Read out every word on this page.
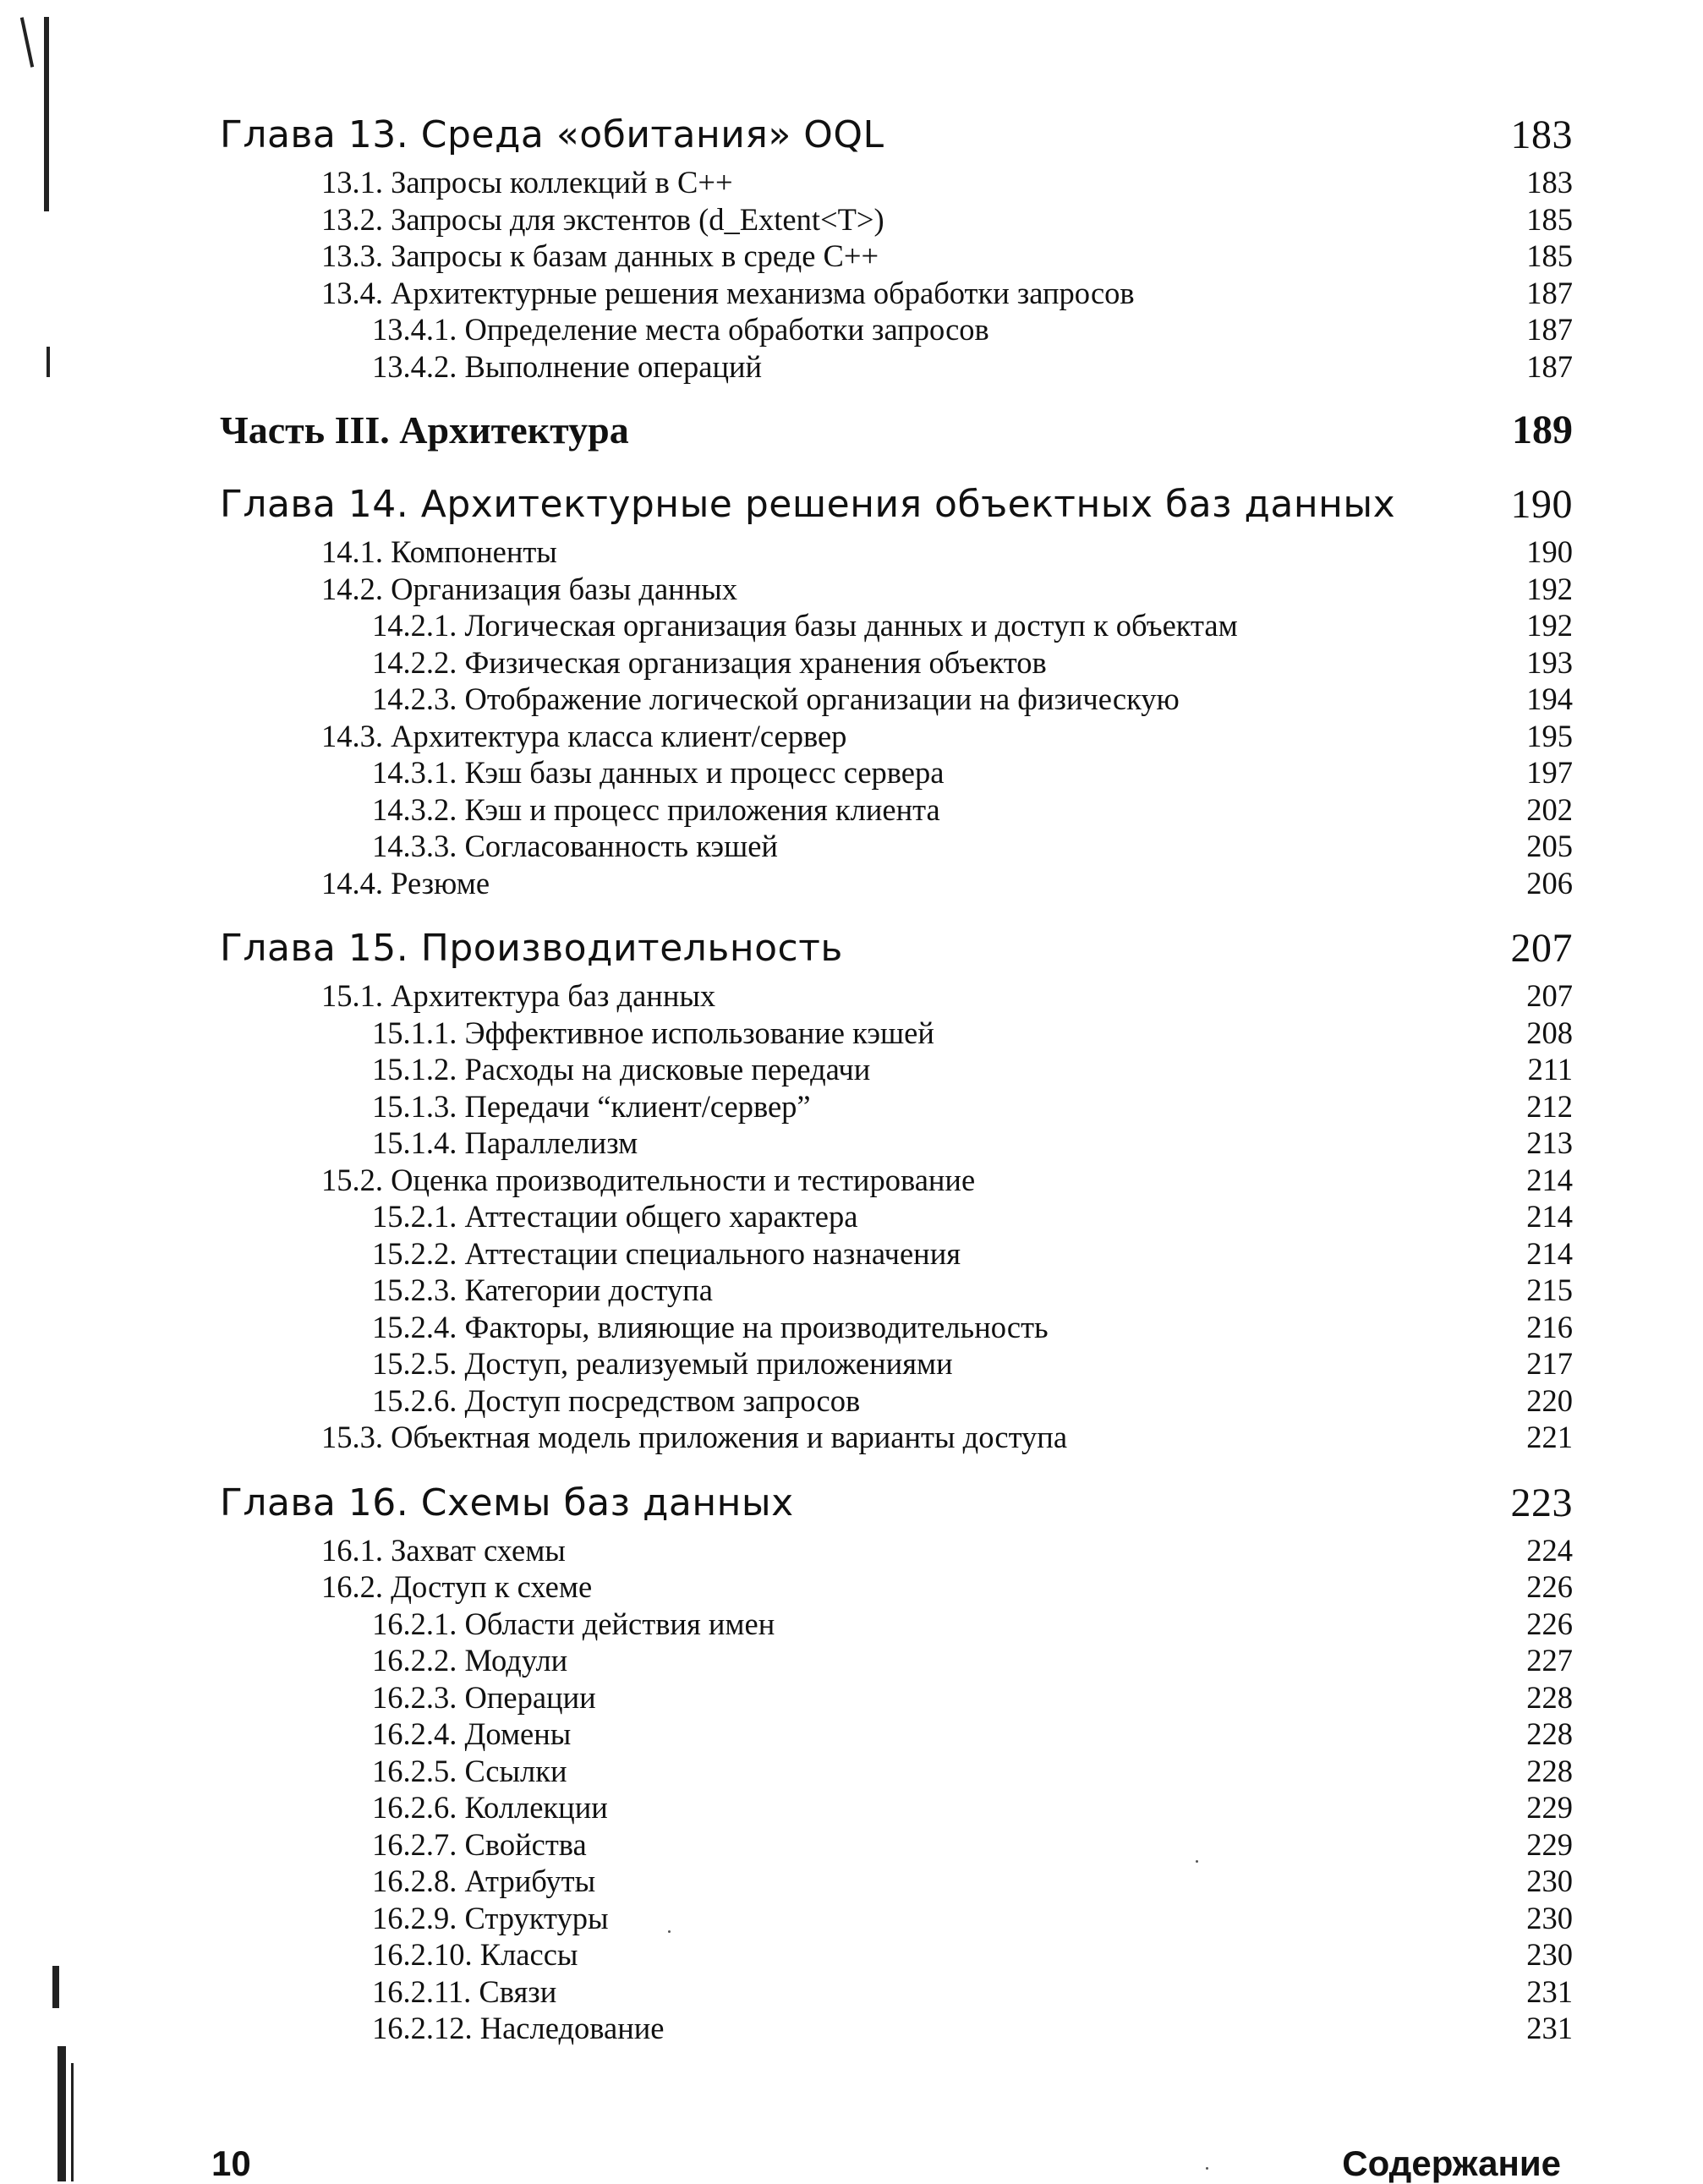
Глава 13. Среда «обитания» OQL	183
13.1. Запросы коллекций в С++	183
13.2. Запросы для экстентов (d_Extent<T>)	185
13.3. Запросы к базам данных в среде С++	185
13.4. Архитектурные решения механизма обработки запросов	187
13.4.1. Определение места обработки запросов	187
13.4.2. Выполнение операций	187
Часть III. Архитектура	189
Глава 14. Архитектурные решения объектных баз данных	190
14.1. Компоненты	190
14.2. Организация базы данных	192
14.2.1. Логическая организация базы данных и доступ к объектам	192
14.2.2. Физическая организация хранения объектов	193
14.2.3. Отображение логической организации на физическую	194
14.3. Архитектура класса клиент/сервер	195
14.3.1. Кэш базы данных и процесс сервера	197
14.3.2. Кэш и процесс приложения клиента	202
14.3.3. Согласованность кэшей	205
14.4. Резюме	206
Глава 15. Производительность	207
15.1. Архитектура баз данных	207
15.1.1. Эффективное использование кэшей	208
15.1.2. Расходы на дисковые передачи	211
15.1.3. Передачи “клиент/сервер”	212
15.1.4. Параллелизм	213
15.2. Оценка производительности и тестирование	214
15.2.1. Аттестации общего характера	214
15.2.2. Аттестации специального назначения	214
15.2.3. Категории доступа	215
15.2.4. Факторы, влияющие на производительность	216
15.2.5. Доступ, реализуемый приложениями	217
15.2.6. Доступ посредством запросов	220
15.3. Объектная модель приложения и варианты доступа	221
Глава 16. Схемы баз данных	223
16.1. Захват схемы	224
16.2. Доступ к схеме	226
16.2.1. Области действия имен	226
16.2.2. Модули	227
16.2.3. Операции	228
16.2.4. Домены	228
16.2.5. Ссылки	228
16.2.6. Коллекции	229
16.2.7. Свойства	229
16.2.8. Атрибуты	230
16.2.9. Структуры	230
16.2.10. Классы	230
16.2.11. Связи	231
16.2.12. Наследование	231
10	Содержание
